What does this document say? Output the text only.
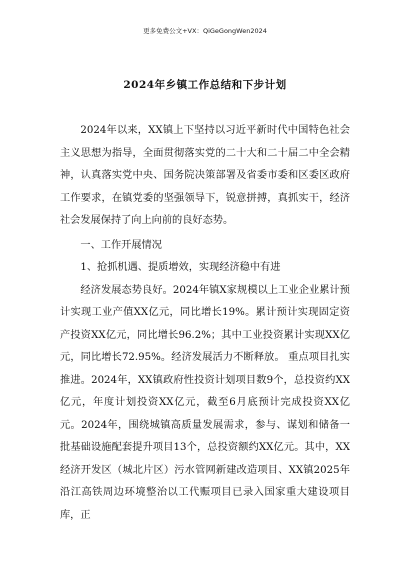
更多免费公文+VX：QiGeGongWen2024
2024年乡镇工作总结和下步计划

2024年以来，XX镇上下坚持以习近平新时代中国特色社会主义思想为指导，全面贯彻落实党的二十大和二十届二中全会精神，认真落实党中央、国务院决策部署及省委市委和区委区政府工作要求，在镇党委的坚强领导下，锐意拼搏，真抓实干，经济社会发展保持了向上向前的良好态势。

一、工作开展情况

1、抢抓机遇、提质增效，实现经济稳中有进

经济发展态势良好。2024年镇X家规模以上工业企业累计预计实现工业产值XX亿元，同比增长19%。累计预计实现固定资产投资XX亿元，同比增长96.2%；其中工业投资累计实现XX亿元，同比增长72.95%。经济发展活力不断释放。 重点项目扎实推进。2024年，XX镇政府性投资计划项目数9个，总投资约XX亿元，年度计划投资XX亿元，截至6月底预计完成投资XX亿元。2024年，围绕城镇高质量发展需求，参与、谋划和储备一批基础设施配套提升项目13个，总投资额约XX亿元。其中，XX经济开发区（城北片区）污水管网新建改造项目、XX镇2025年沿江高铁周边环境整治以工代赈项目已录入国家重大建设项目库，正
